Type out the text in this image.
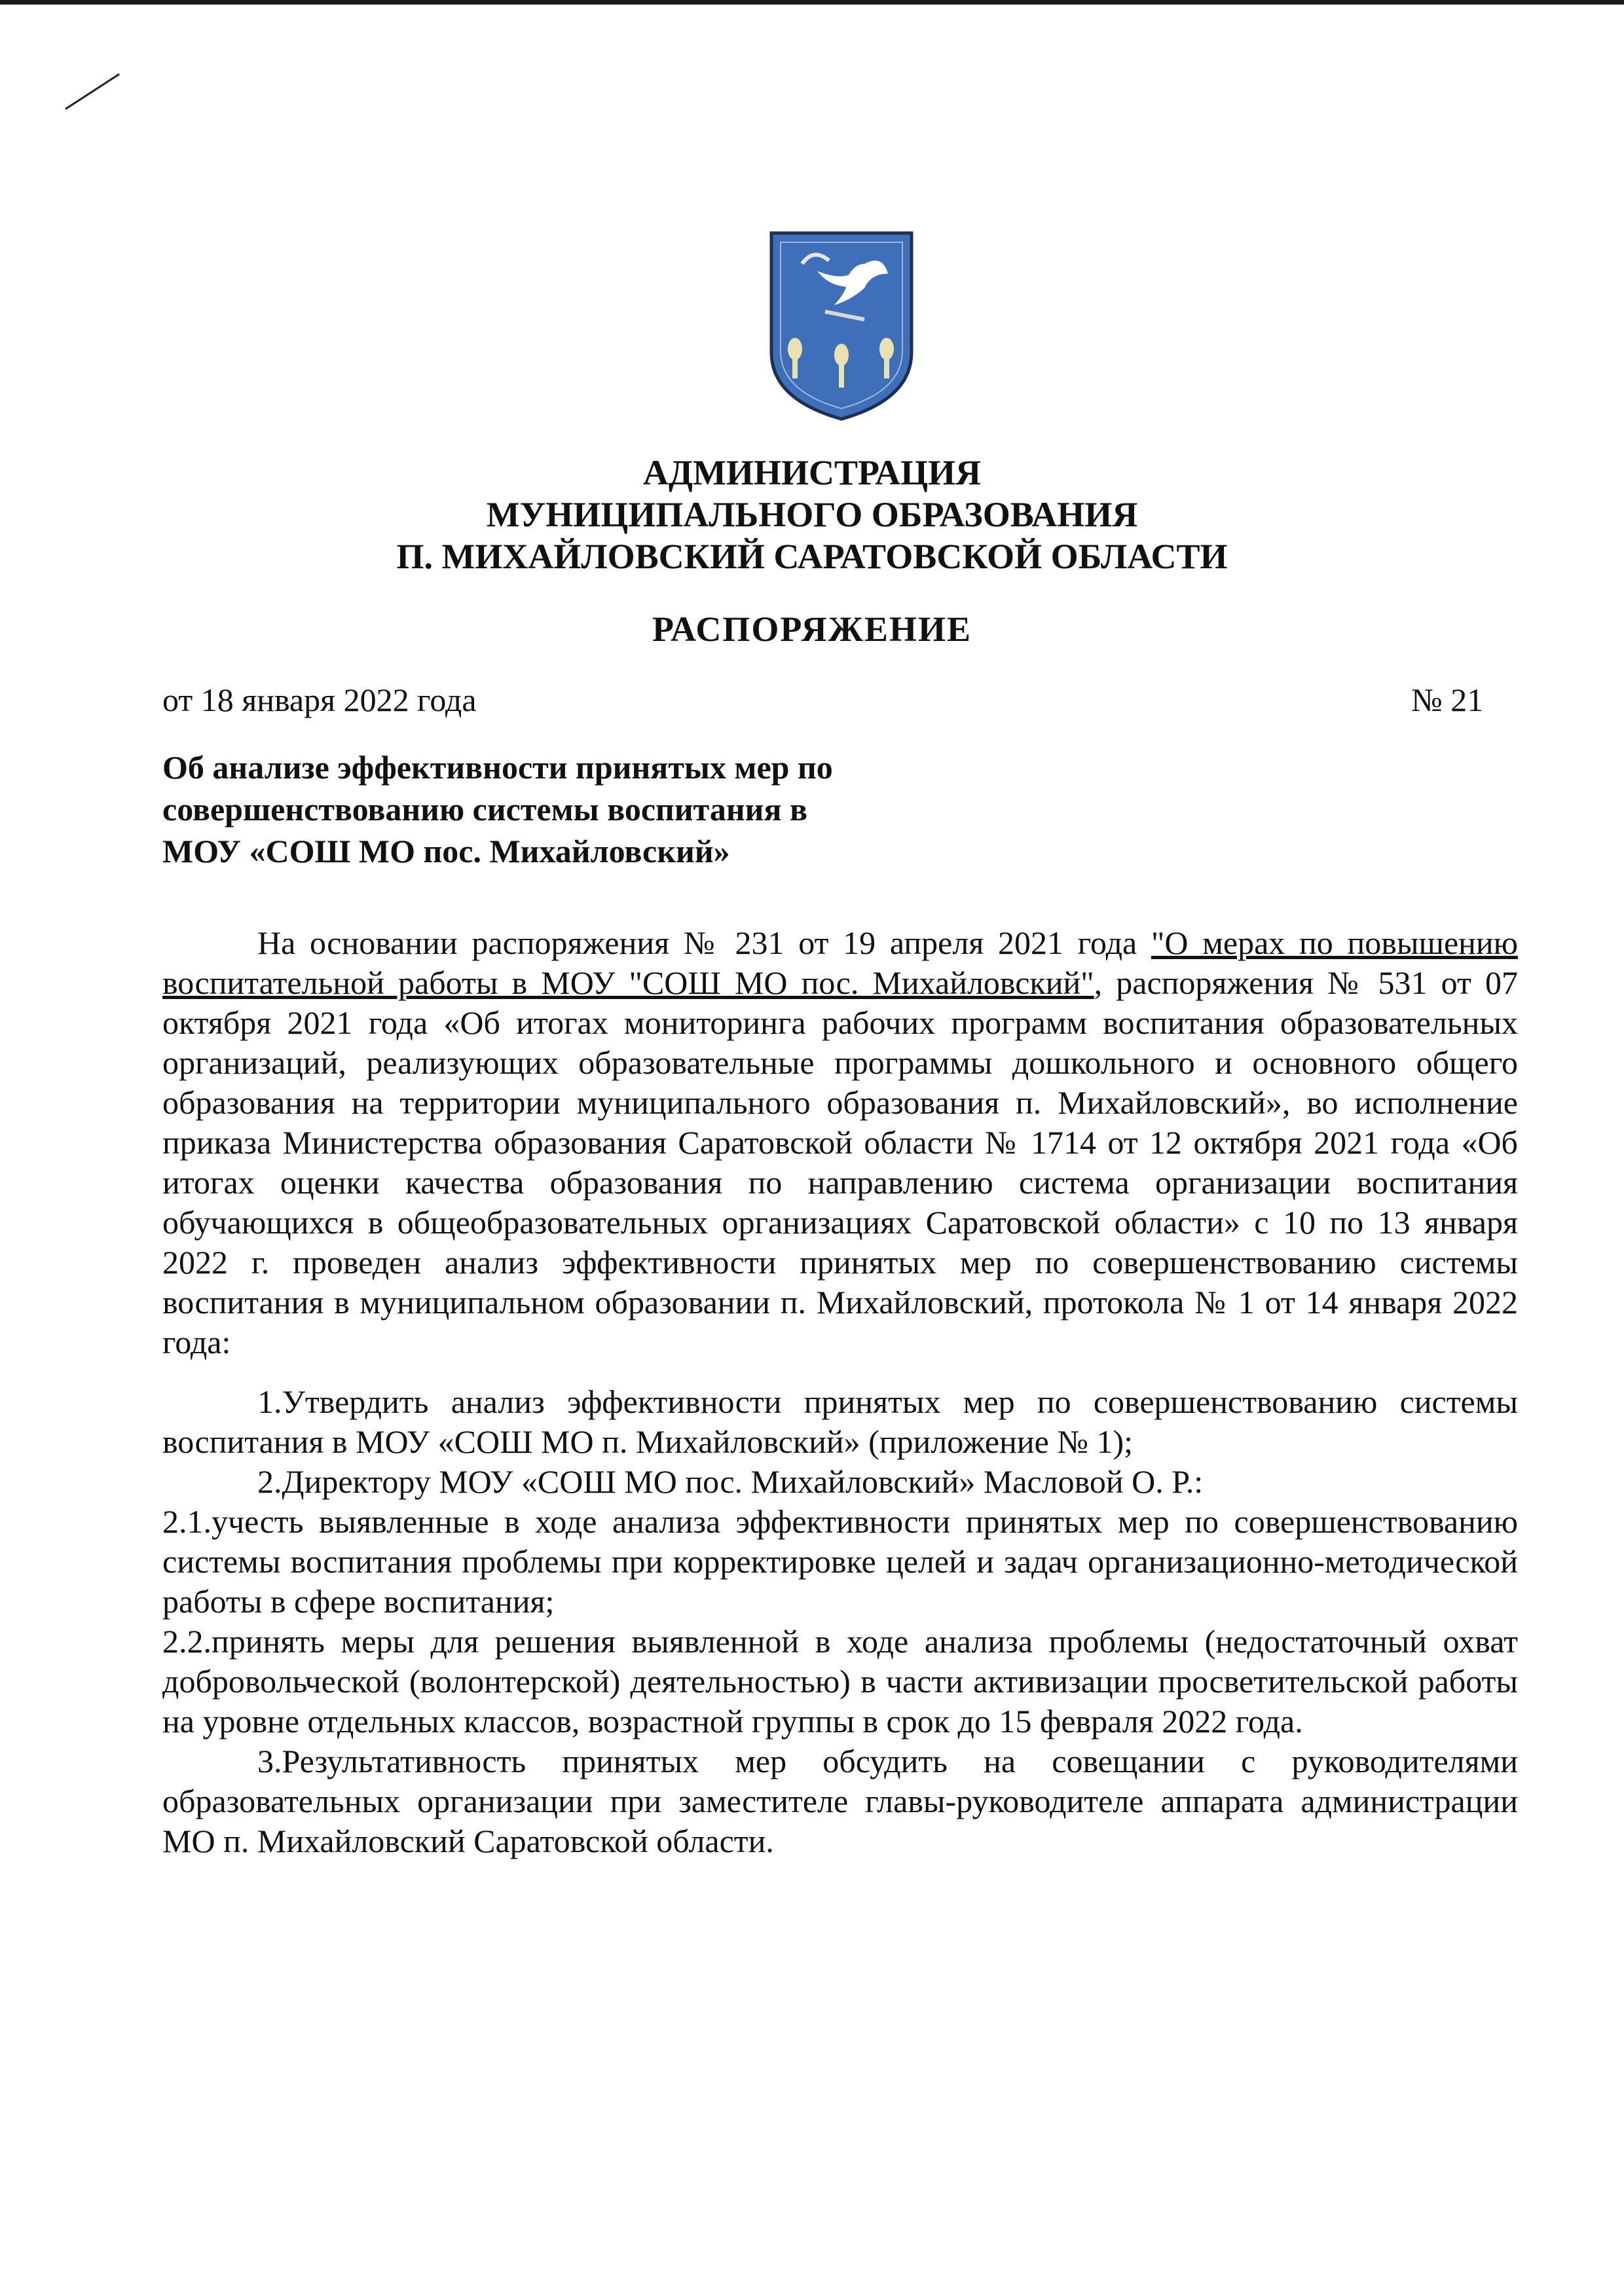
АДМИНИСТРАЦИЯ
МУНИЦИПАЛЬНОГО ОБРАЗОВАНИЯ
П. МИХАЙЛОВСКИЙ САРАТОВСКОЙ ОБЛАСТИ
РАСПОРЯЖЕНИЕ
от 18 января 2022 года	№ 21
Об анализе эффективности принятых мер по
совершенствованию системы воспитания в
МОУ «СОШ МО пос. Михайловский»

На основании распоряжения № 231 от 19 апреля 2021 года "О мерах по повышению воспитательной работы в МОУ "СОШ МО пос. Михайловский", распоряжения № 531 от 07 октября 2021 года «Об итогах мониторинга рабочих программ воспитания образовательных организаций, реализующих образовательные программы дошкольного и основного общего образования на территории муниципального образования п. Михайловский», во исполнение приказа Министерства образования Саратовской области № 1714 от 12 октября 2021 года «Об итогах оценки качества образования по направлению система организации воспитания обучающихся в общеобразовательных организациях Саратовской области» с 10 по 13 января 2022 г. проведен анализ эффективности принятых мер по совершенствованию системы воспитания в муниципальном образовании п. Михайловский, протокола № 1 от 14 января 2022 года:

1.Утвердить анализ эффективности принятых мер по совершенствованию системы воспитания в МОУ «СОШ МО п. Михайловский» (приложение № 1);

2.Директору МОУ «СОШ МО пос. Михайловский» Масловой О. Р.:

2.1.учесть выявленные в ходе анализа эффективности принятых мер по совершенствованию системы воспитания проблемы при корректировке целей и задач организационно-методической работы в сфере воспитания;

2.2.принять меры для решения выявленной в ходе анализа проблемы (недостаточный охват добровольческой (волонтерской) деятельностью) в части активизации просветительской работы на уровне отдельных классов, возрастной группы в срок до 15 февраля 2022 года.

3.Результативность принятых мер обсудить на совещании с руководителями образовательных организации при заместителе главы-руководителе аппарата администрации МО п. Михайловский Саратовской области.
